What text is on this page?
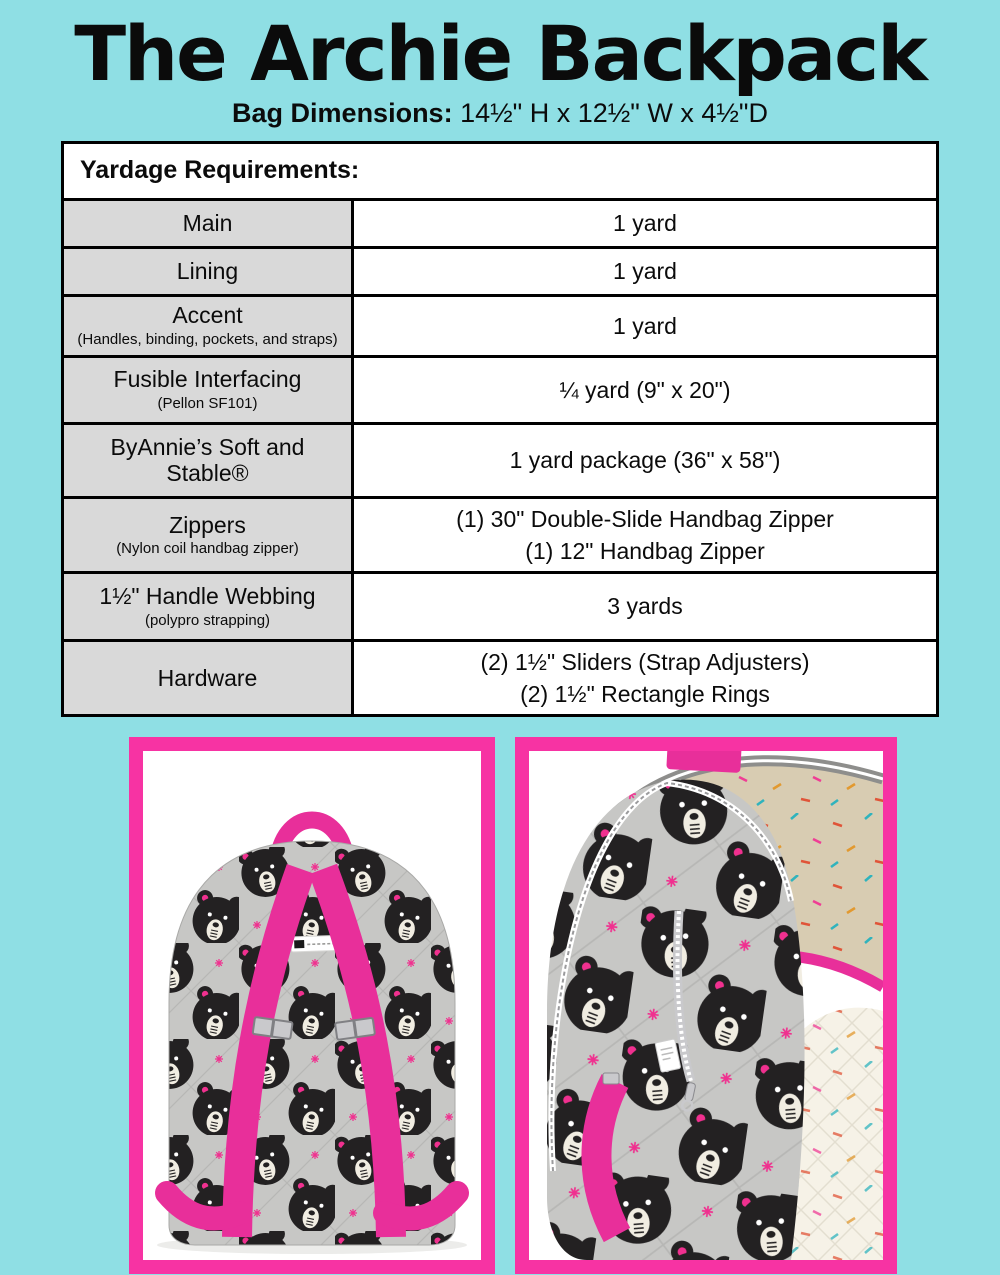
The Archie Backpack
Bag Dimensions: 14½" H x 12½" W x 4½"D
Yardage Requirements:
Main	1 yard
Lining	1 yard
Accent
(Handles, binding, pockets, and straps)
1 yard
Fusible Interfacing
(Pellon SF101)
¼ yard (9" x 20")
ByAnnie’s Soft and Stable®
1 yard package (36" x 58")
Zippers
(Nylon coil handbag zipper)
(1) 30" Double-Slide Handbag Zipper
(1) 12" Handbag Zipper
1½" Handle Webbing
(polypro strapping)
3 yards
Hardware
(2) 1½" Sliders (Strap Adjusters)
(2) 1½" Rectangle Rings
